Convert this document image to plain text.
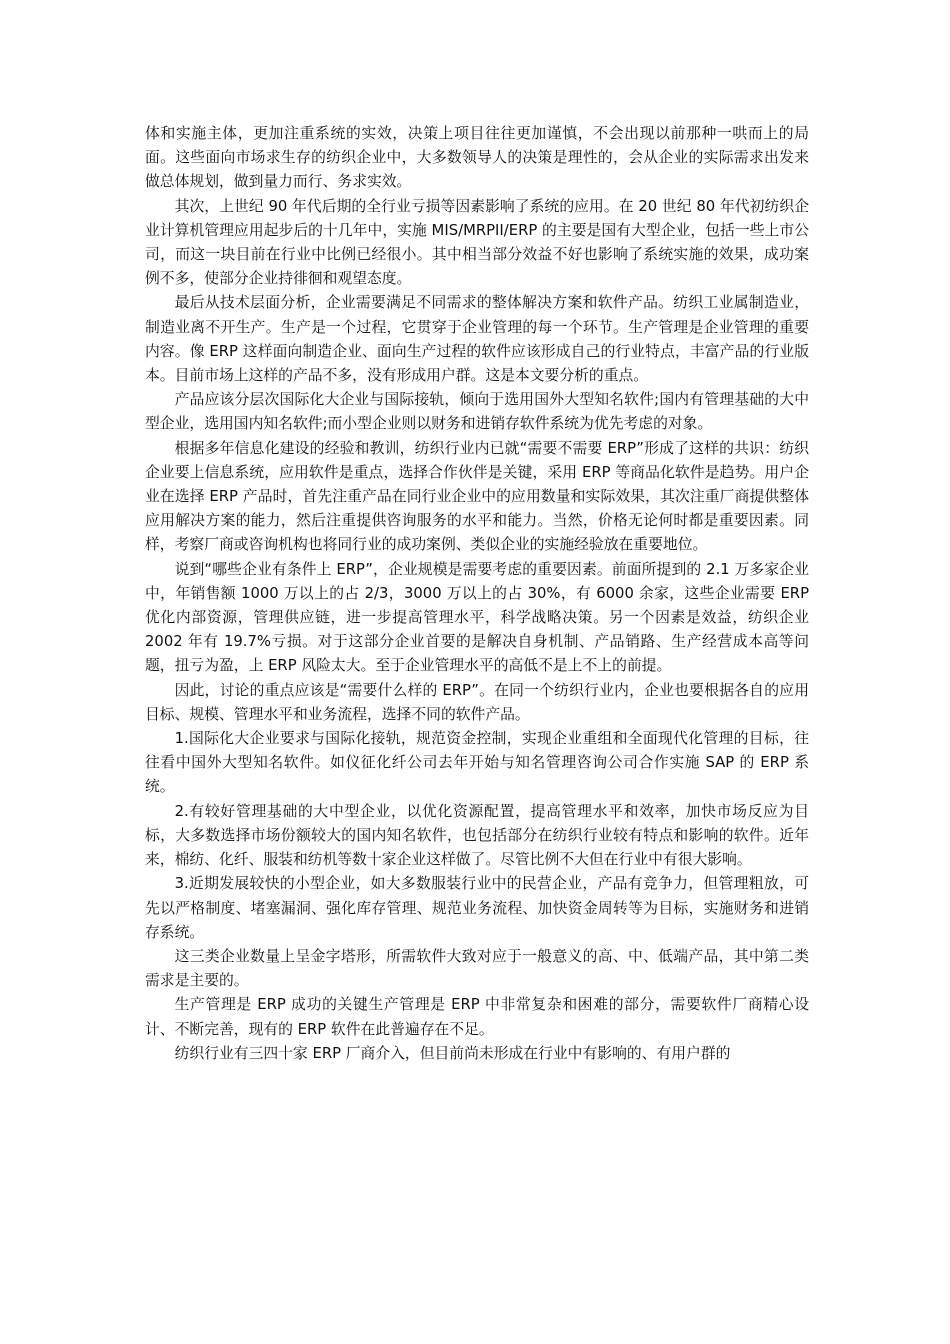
体和实施主体，更加注重系统的实效，决策上项目往往更加谨慎，不会出现以前那种一哄而上的局面。这些面向市场求生存的纺织企业中，大多数领导人的决策是理性的，会从企业的实际需求出发来做总体规划，做到量力而行、务求实效。

其次，上世纪 90 年代后期的全行业亏损等因素影响了系统的应用。在 20 世纪 80 年代初纺织企业计算机管理应用起步后的十几年中，实施 MIS/MRPII/ERP 的主要是国有大型企业，包括一些上市公司，而这一块目前在行业中比例已经很小。其中相当部分效益不好也影响了系统实施的效果，成功案例不多，使部分企业持徘徊和观望态度。

最后从技术层面分析，企业需要满足不同需求的整体解决方案和软件产品。纺织工业属制造业，制造业离不开生产。生产是一个过程，它贯穿于企业管理的每一个环节。生产管理是企业管理的重要内容。像 ERP 这样面向制造企业、面向生产过程的软件应该形成自己的行业特点，丰富产品的行业版本。目前市场上这样的产品不多，没有形成用户群。这是本文要分析的重点。

产品应该分层次国际化大企业与国际接轨，倾向于选用国外大型知名软件;国内有管理基础的大中型企业，选用国内知名软件;而小型企业则以财务和进销存软件系统为优先考虑的对象。

根据多年信息化建设的经验和教训，纺织行业内已就“需要不需要 ERP”形成了这样的共识：纺织企业要上信息系统，应用软件是重点，选择合作伙伴是关键，采用 ERP 等商品化软件是趋势。用户企业在选择 ERP 产品时，首先注重产品在同行业企业中的应用数量和实际效果，其次注重厂商提供整体应用解决方案的能力，然后注重提供咨询服务的水平和能力。当然，价格无论何时都是重要因素。同样，考察厂商或咨询机构也将同行业的成功案例、类似企业的实施经验放在重要地位。

说到“哪些企业有条件上 ERP”，企业规模是需要考虑的重要因素。前面所提到的 2.1 万多家企业中，年销售额 1000 万以上的占 2/3，3000 万以上的占 30%，有 6000 余家，这些企业需要 ERP 优化内部资源，管理供应链，进一步提高管理水平，科学战略决策。另一个因素是效益，纺织企业 2002 年有 19.7%亏损。对于这部分企业首要的是解决自身机制、产品销路、生产经营成本高等问题，扭亏为盈，上 ERP 风险太大。至于企业管理水平的高低不是上不上的前提。

因此，讨论的重点应该是“需要什么样的 ERP”。在同一个纺织行业内，企业也要根据各自的应用目标、规模、管理水平和业务流程，选择不同的软件产品。

1.国际化大企业要求与国际化接轨，规范资金控制，实现企业重组和全面现代化管理的目标，往往看中国外大型知名软件。如仪征化纤公司去年开始与知名管理咨询公司合作实施 SAP 的 ERP 系统。

2.有较好管理基础的大中型企业，以优化资源配置，提高管理水平和效率，加快市场反应为目标，大多数选择市场份额较大的国内知名软件，也包括部分在纺织行业较有特点和影响的软件。近年来，棉纺、化纤、服装和纺机等数十家企业这样做了。尽管比例不大但在行业中有很大影响。

3.近期发展较快的小型企业，如大多数服装行业中的民营企业，产品有竞争力，但管理粗放，可先以严格制度、堵塞漏洞、强化库存管理、规范业务流程、加快资金周转等为目标，实施财务和进销存系统。

这三类企业数量上呈金字塔形，所需软件大致对应于一般意义的高、中、低端产品，其中第二类需求是主要的。

生产管理是 ERP 成功的关键生产管理是 ERP 中非常复杂和困难的部分，需要软件厂商精心设计、不断完善，现有的 ERP 软件在此普遍存在不足。

纺织行业有三四十家 ERP 厂商介入，但目前尚未形成在行业中有影响的、有用户群的
